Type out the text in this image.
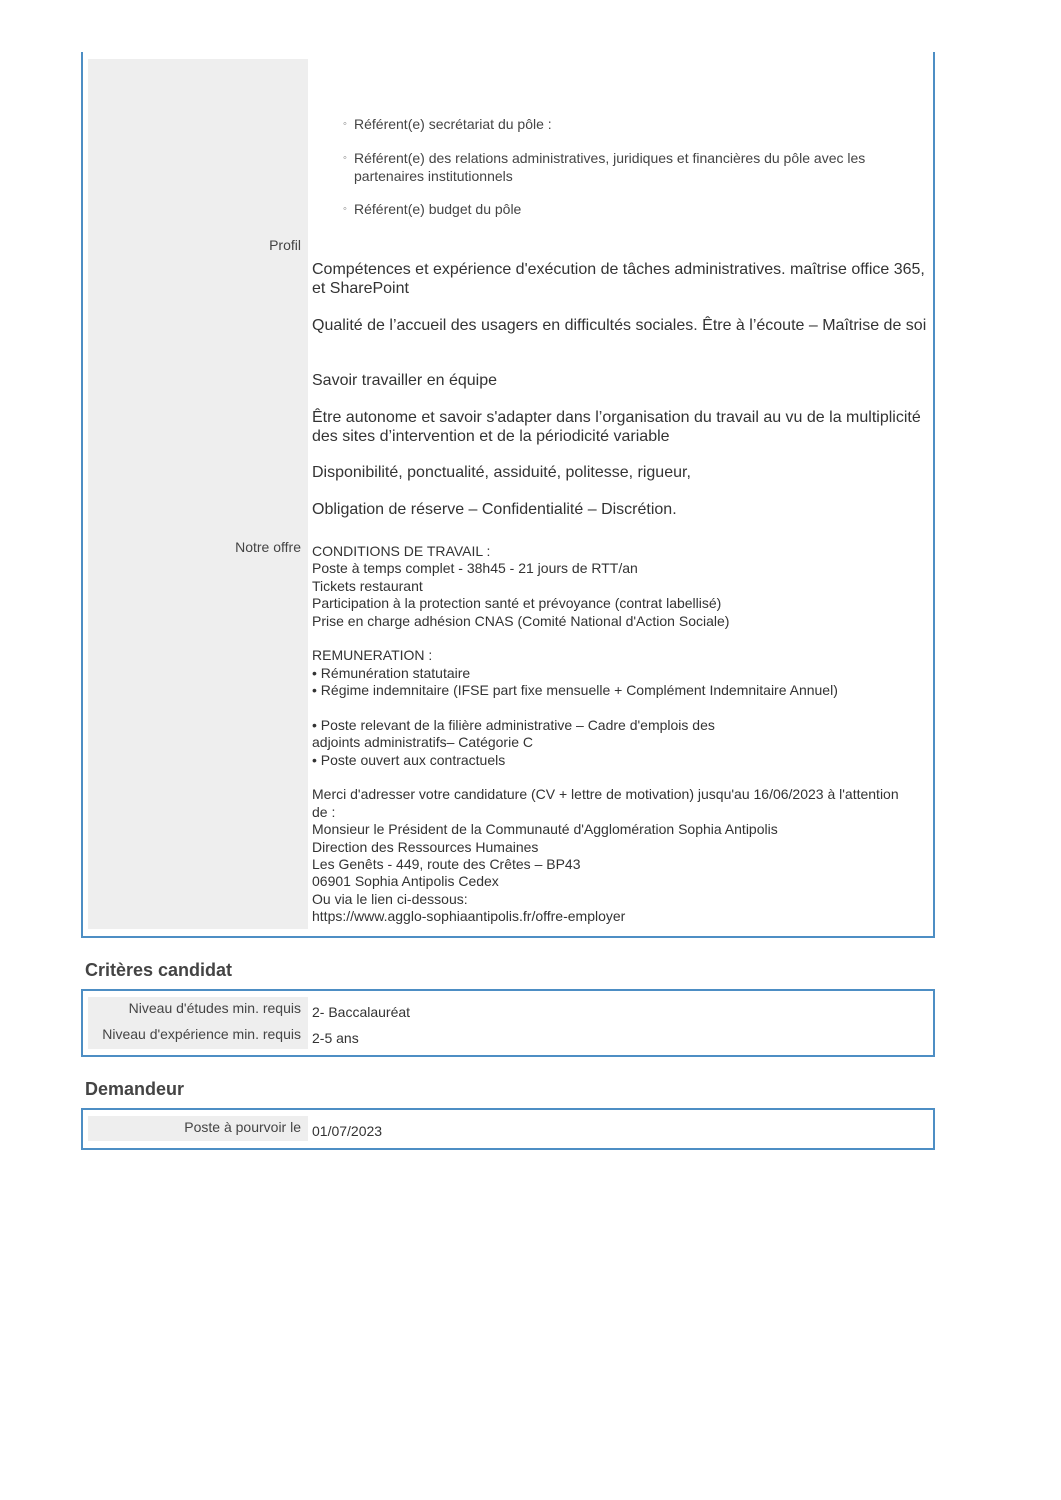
Profil
Notre offre
◦ Référent(e) secrétariat du pôle :
◦ Référent(e) des relations administratives, juridiques et financières du pôle avec les partenaires institutionnels
◦ Référent(e) budget du pôle

Compétences et expérience d'exécution de tâches administratives. maîtrise office 365, et SharePoint

Qualité de l’accueil des usagers en difficultés sociales. Être à l’écoute – Maîtrise de soi

Savoir travailler en équipe

Être autonome et savoir s'adapter dans l’organisation du travail au vu de la multiplicité des sites d’intervention et de la périodicité variable

Disponibilité, ponctualité, assiduité, politesse, rigueur,

Obligation de réserve – Confidentialité – Discrétion.

CONDITIONS DE TRAVAIL :
Poste à temps complet - 38h45 - 21 jours de RTT/an
Tickets restaurant
Participation à la protection santé et prévoyance (contrat labellisé)
Prise en charge adhésion CNAS (Comité National d'Action Sociale)
REMUNERATION :
• Rémunération statutaire
• Régime indemnitaire (IFSE part fixe mensuelle + Complément Indemnitaire Annuel)
• Poste relevant de la filière administrative – Cadre d'emplois des
adjoints administratifs– Catégorie C
• Poste ouvert aux contractuels
Merci d'adresser votre candidature (CV + lettre de motivation) jusqu'au 16/06/2023 à l'attention
de :
Monsieur le Président de la Communauté d'Agglomération Sophia Antipolis
Direction des Ressources Humaines
Les Genêts - 449, route des Crêtes – BP43
06901 Sophia Antipolis Cedex
Ou via le lien ci-dessous:
https://www.agglo-sophiaantipolis.fr/offre-employer
Critères candidat
Niveau d'études min. requis
Niveau d'expérience min. requis
2- Baccalauréat
2-5 ans
Demandeur
Poste à pourvoir le 01/07/2023
